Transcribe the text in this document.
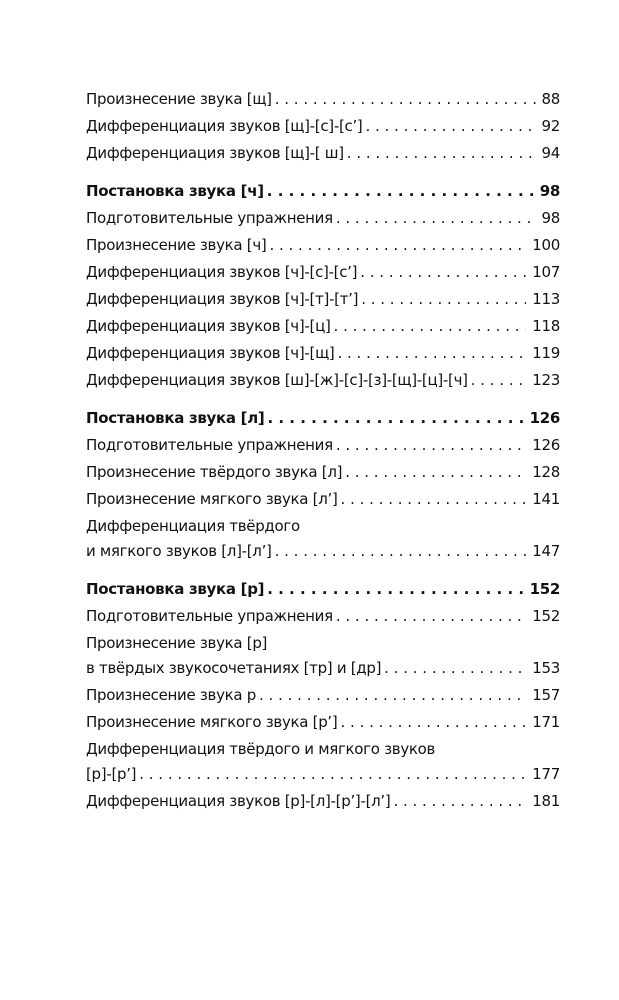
Произнесение звука [щ] . . .	88
Дифференциация звуков [щ]-[с]-[с’] . . .	92
Дифференциация звуков [щ]-[ ш] . . .	94
Постановка звука [ч] . . .	98
Подготовительные упражнения . . .	98
Произнесение звука [ч] . . .	100
Дифференциация звуков [ч]-[с]-[с’] . . .	107
Дифференциация звуков [ч]-[т]-[т’] . . .	113
Дифференциация звуков [ч]-[ц] . . .	118
Дифференциация звуков [ч]-[щ] . . .	119
Дифференциация звуков [ш]-[ж]-[с]-[з]-[щ]-[ц]-[ч] . . .	123
Постановка звука [л] . . .	126
Подготовительные упражнения . . .	126
Произнесение твёрдого звука [л] . . .	128
Произнесение мягкого звука [л’] . . .	141
Дифференциация твёрдого
и мягкого звуков [л]-[л’] . . .	147
Постановка звука [р] . . .	152
Подготовительные упражнения . . .	152
Произнесение звука [р]
в твёрдых звукосочетаниях [тр] и [др] . . .	153
Произнесение звука р . . .	157
Произнесение мягкого звука [р’] . . .	171
Дифференциация твёрдого и мягкого звуков
[р]-[р’] . . .	177
Дифференциация звуков [р]-[л]-[р’]-[л’] . . .	181
